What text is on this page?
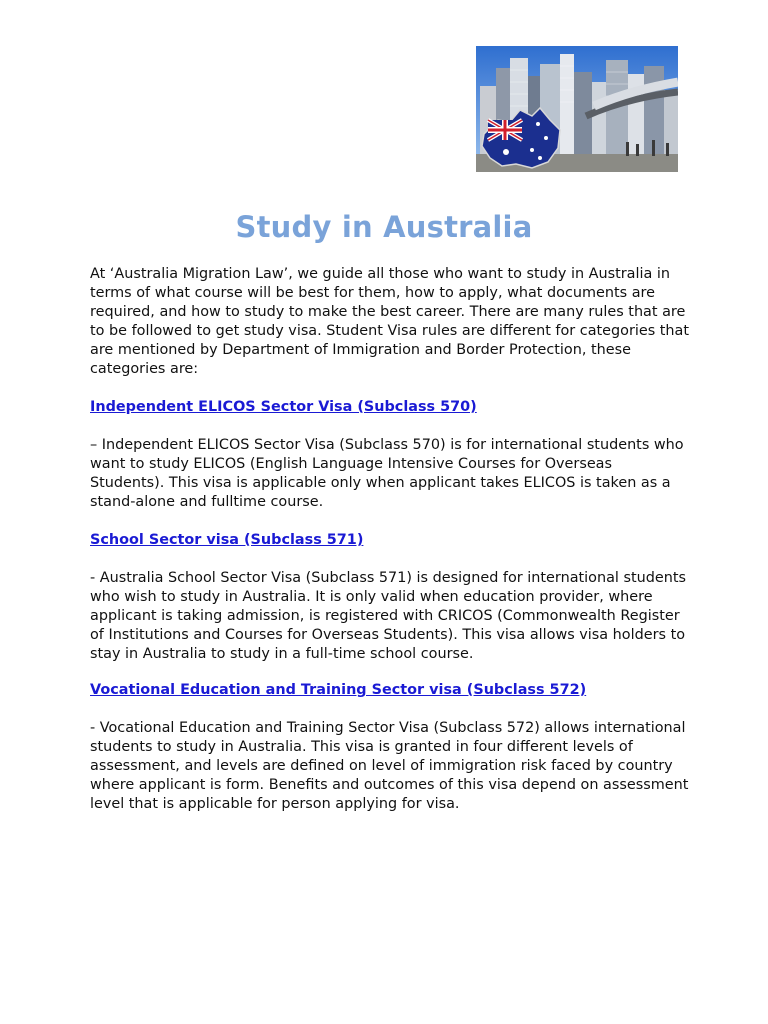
Study in Australia

At ‘Australia Migration Law’, we guide all those who want to study in Australia in terms of what course will be best for them, how to apply, what documents are required, and how to study to make the best career. There are many rules that are to be followed to get study visa. Student Visa rules are different for categories that are mentioned by Department of Immigration and Border Protection, these categories are:

Independent ELICOS Sector Visa (Subclass 570)

– Independent ELICOS Sector Visa (Subclass 570) is for international students who want to study ELICOS (English Language Intensive Courses for Overseas Students). This visa is applicable only when applicant takes ELICOS is taken as a stand-alone and fulltime course.

School Sector visa (Subclass 571)

- Australia School Sector Visa (Subclass 571) is designed for international students who wish to study in Australia. It is only valid when education provider, where applicant is taking admission, is registered with CRICOS (Commonwealth Register of Institutions and Courses for Overseas Students). This visa allows visa holders to stay in Australia to study in a full-time school course.

Vocational Education and Training Sector visa (Subclass 572)

- Vocational Education and Training Sector Visa (Subclass 572) allows international students to study in Australia. This visa is granted in four different levels of assessment, and levels are defined on level of immigration risk faced by country where applicant is form. Benefits and outcomes of this visa depend on assessment level that is applicable for person applying for visa.
